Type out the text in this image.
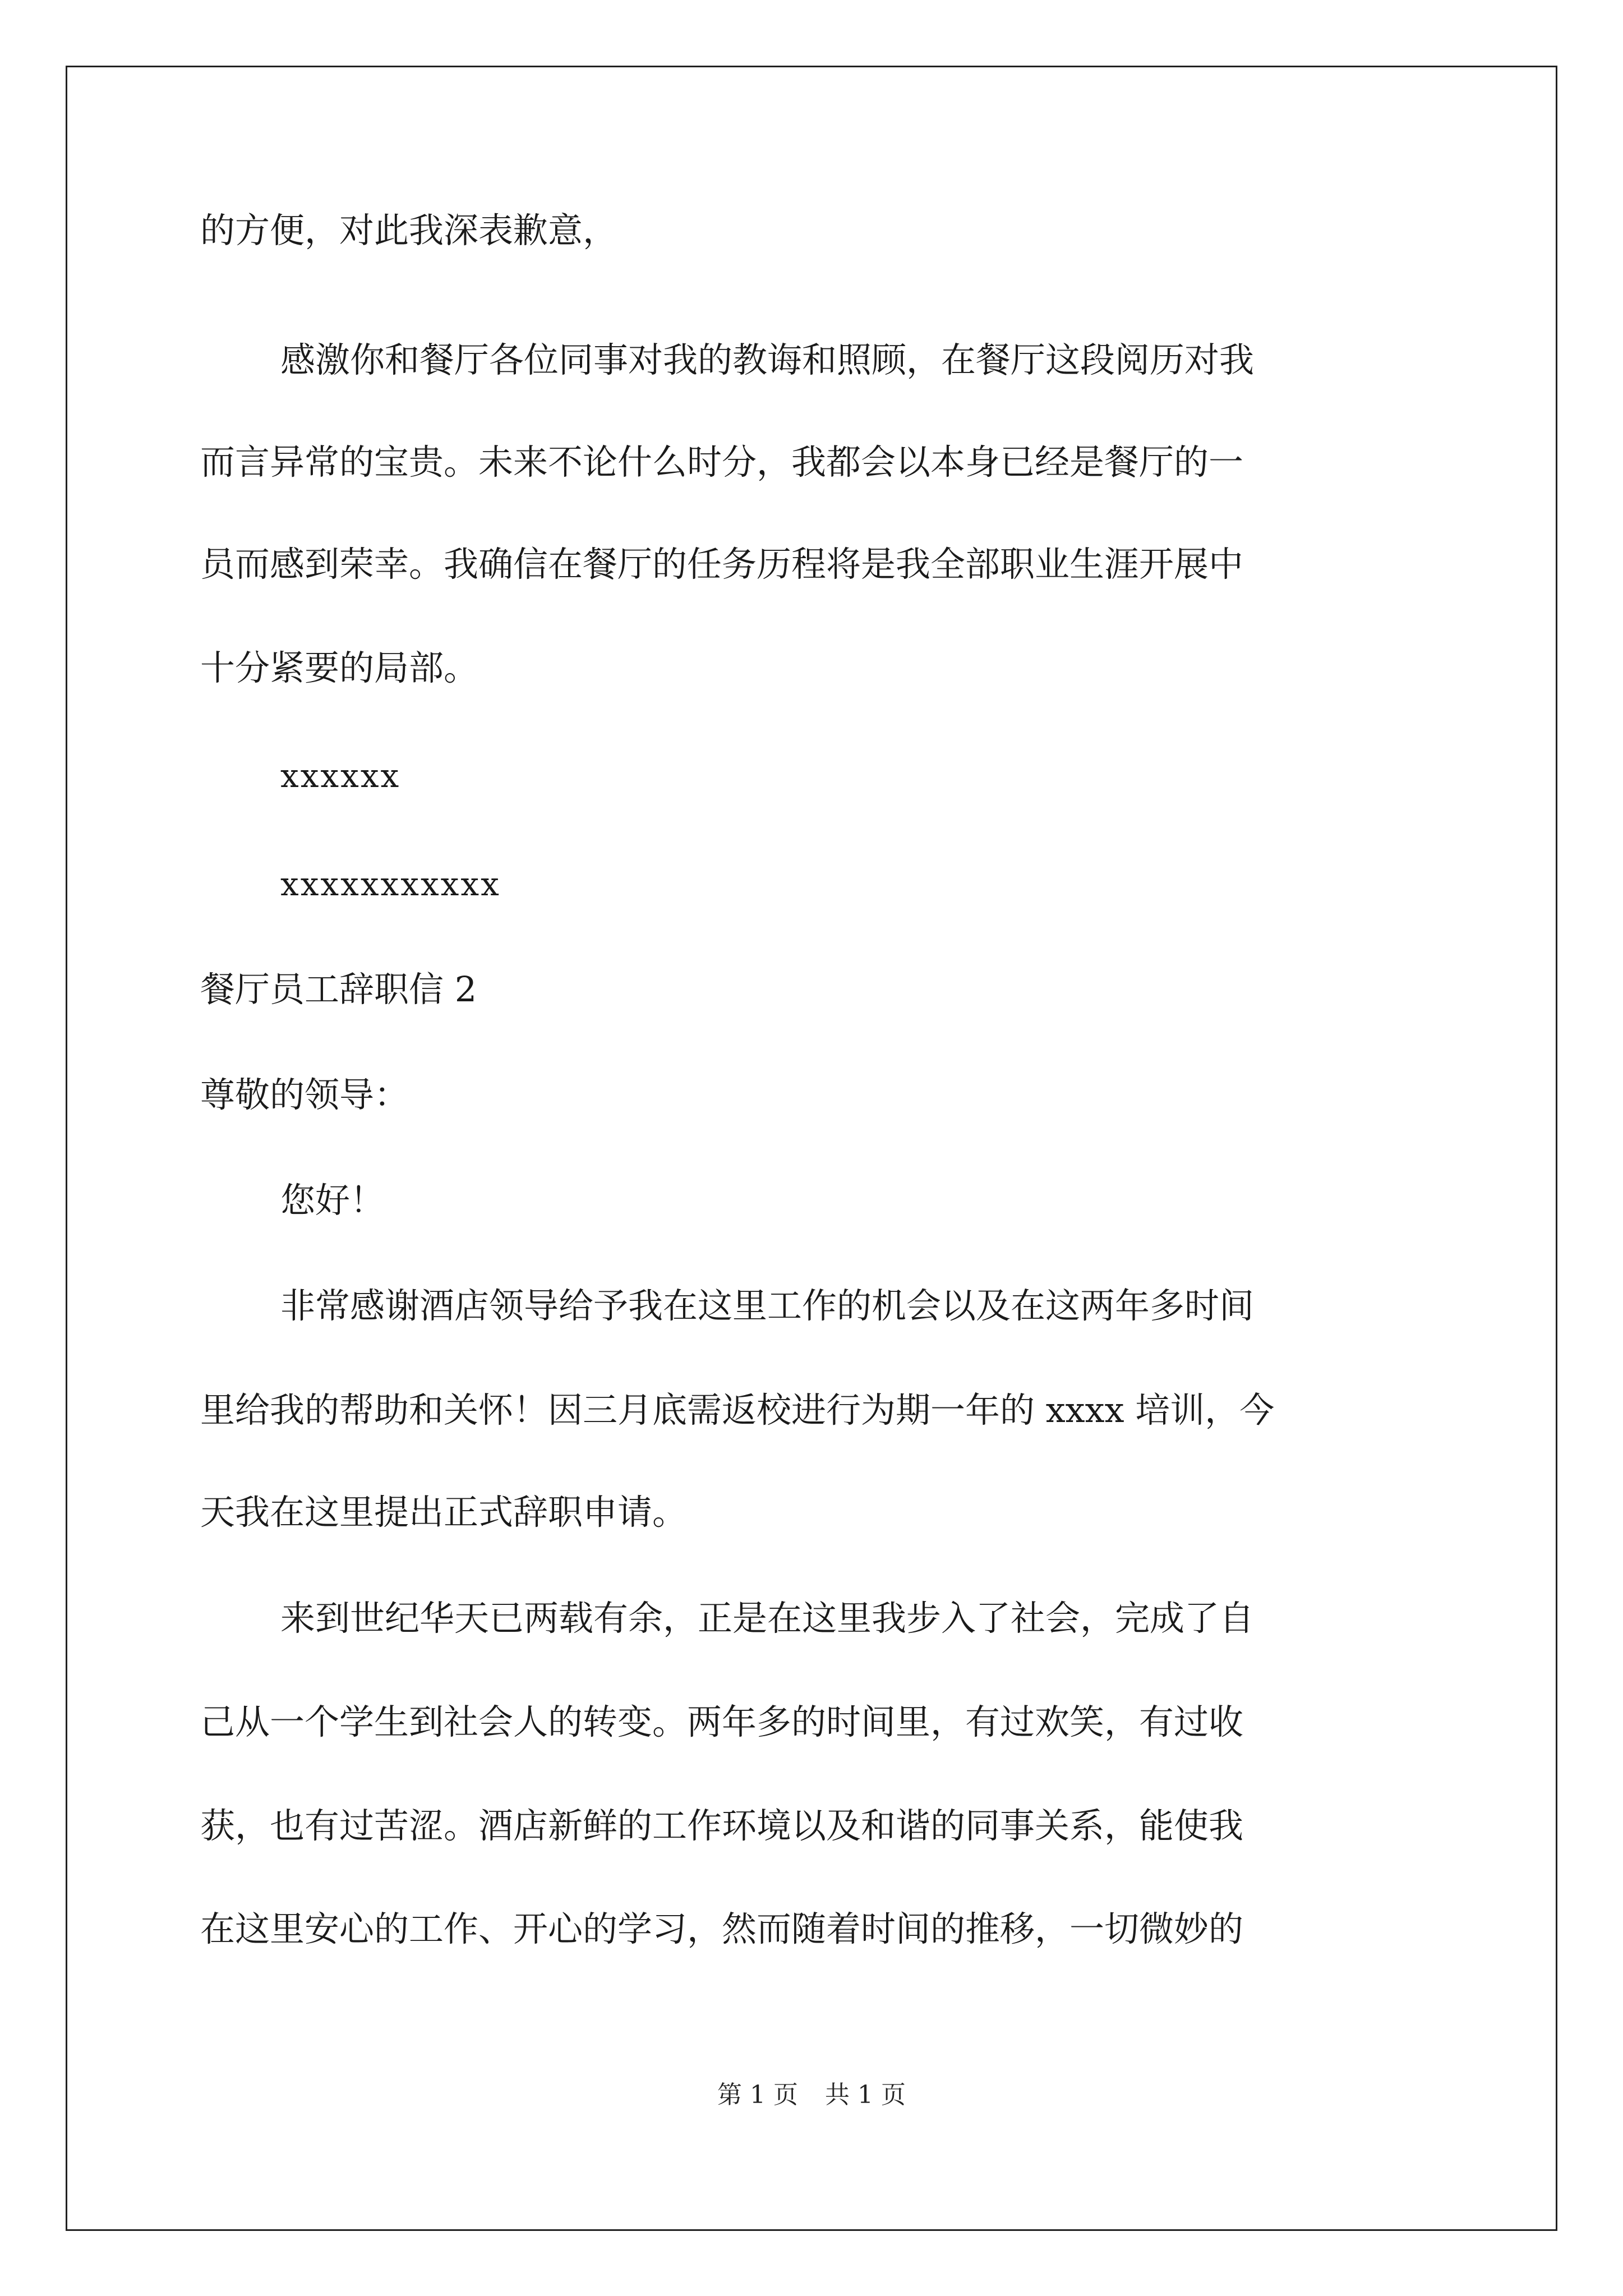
的方便，对此我深表歉意，
感激你和餐厅各位同事对我的教诲和照顾，在餐厅这段阅历对我
而言异常的宝贵。未来不论什么时分，我都会以本身已经是餐厅的一
员而感到荣幸。我确信在餐厅的任务历程将是我全部职业生涯开展中
十分紧要的局部。
xxxxxx
xxxxxxxxxxx
餐厅员工辞职信 2
尊敬的领导：
您好！
非常感谢酒店领导给予我在这里工作的机会以及在这两年多时间
里给我的帮助和关怀！因三月底需返校进行为期一年的 xxxx 培训，今
天我在这里提出正式辞职申请。
来到世纪华天已两载有余，正是在这里我步入了社会，完成了自
己从一个学生到社会人的转变。两年多的时间里，有过欢笑，有过收
获，也有过苦涩。酒店新鲜的工作环境以及和谐的同事关系，能使我
在这里安心的工作、开心的学习，然而随着时间的推移，一切微妙的
第 1 页 共 1 页
